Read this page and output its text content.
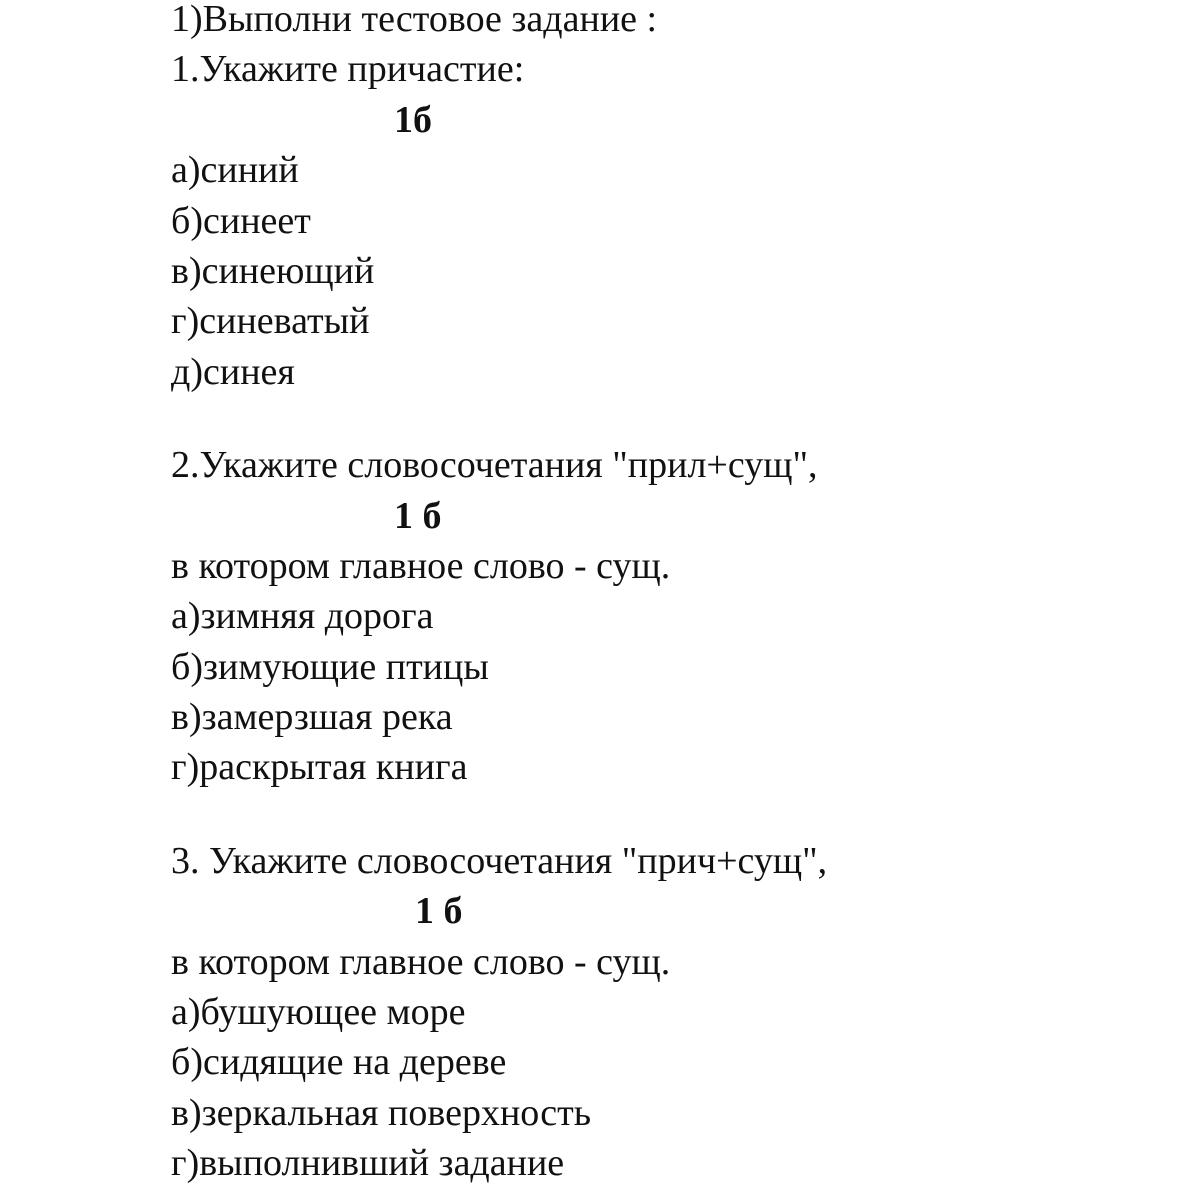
1)Выполни тестовое задание :
1.Укажите причастие:
1б
а)синий
б)синеет
в)синеющий
г)синеватый
д)синея
2.Укажите словосочетания "прил+сущ",
1 б
в котором главное слово - сущ.
а)зимняя дорога
б)зимующие птицы
в)замерзшая река
г)раскрытая книга
3. Укажите словосочетания "прич+сущ",
1 б
в котором главное слово - сущ.
а)бушующее море
б)сидящие на дереве
в)зеркальная поверхность
г)выполнивший задание
